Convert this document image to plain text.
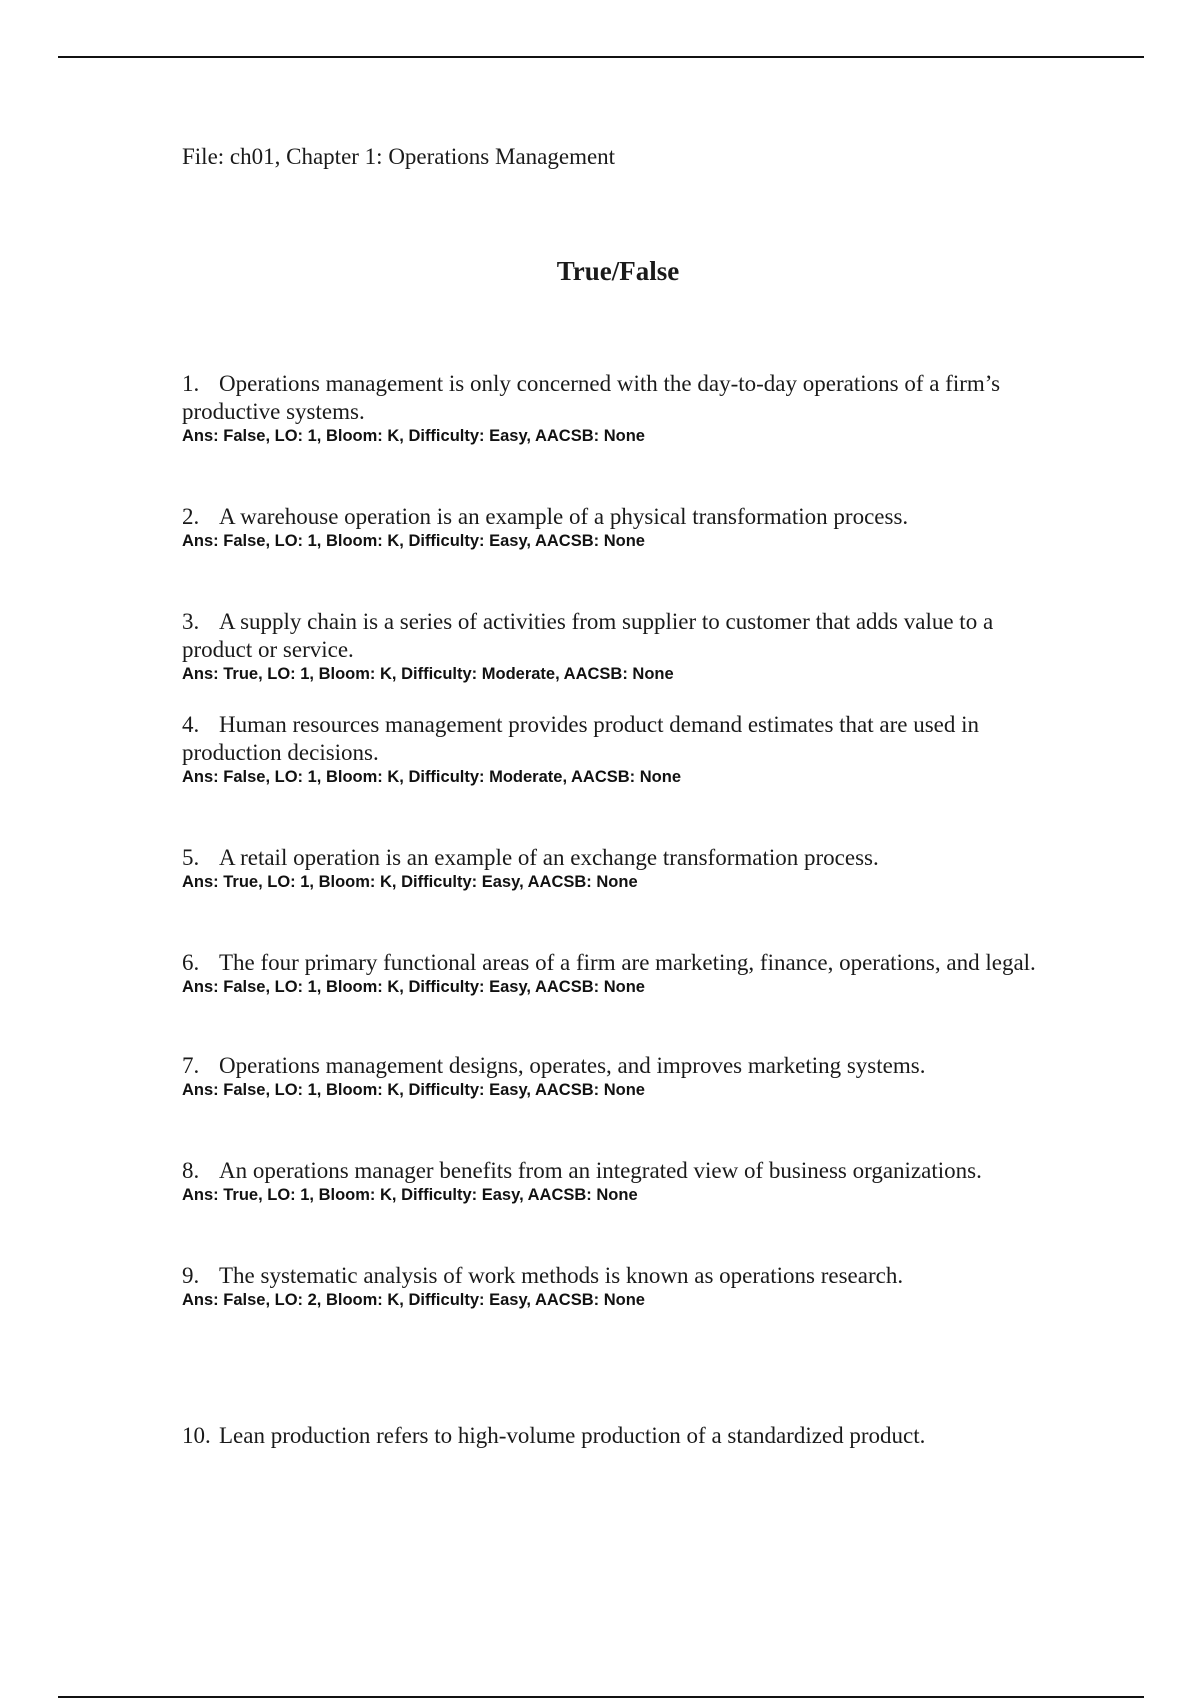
File: ch01, Chapter 1: Operations Management
True/False

1. Operations management is only concerned with the day-to-day operations of a firm’s productive systems.

Ans: False, LO: 1, Bloom: K, Difficulty: Easy, AACSB: None

2. A warehouse operation is an example of a physical transformation process.

Ans: False, LO: 1, Bloom: K, Difficulty: Easy, AACSB: None

3. A supply chain is a series of activities from supplier to customer that adds value to a product or service.

Ans: True, LO: 1, Bloom: K, Difficulty: Moderate, AACSB: None

4. Human resources management provides product demand estimates that are used in production decisions.

Ans: False, LO: 1, Bloom: K, Difficulty: Moderate, AACSB: None

5. A retail operation is an example of an exchange transformation process.

Ans: True, LO: 1, Bloom: K, Difficulty: Easy, AACSB: None

6. The four primary functional areas of a firm are marketing, finance, operations, and legal.

Ans: False, LO: 1, Bloom: K, Difficulty: Easy, AACSB: None

7. Operations management designs, operates, and improves marketing systems.

Ans: False, LO: 1, Bloom: K, Difficulty: Easy, AACSB: None

8. An operations manager benefits from an integrated view of business organizations.

Ans: True, LO: 1, Bloom: K, Difficulty: Easy, AACSB: None

9. The systematic analysis of work methods is known as operations research.

Ans: False, LO: 2, Bloom: K, Difficulty: Easy, AACSB: None

10. Lean production refers to high-volume production of a standardized product.
